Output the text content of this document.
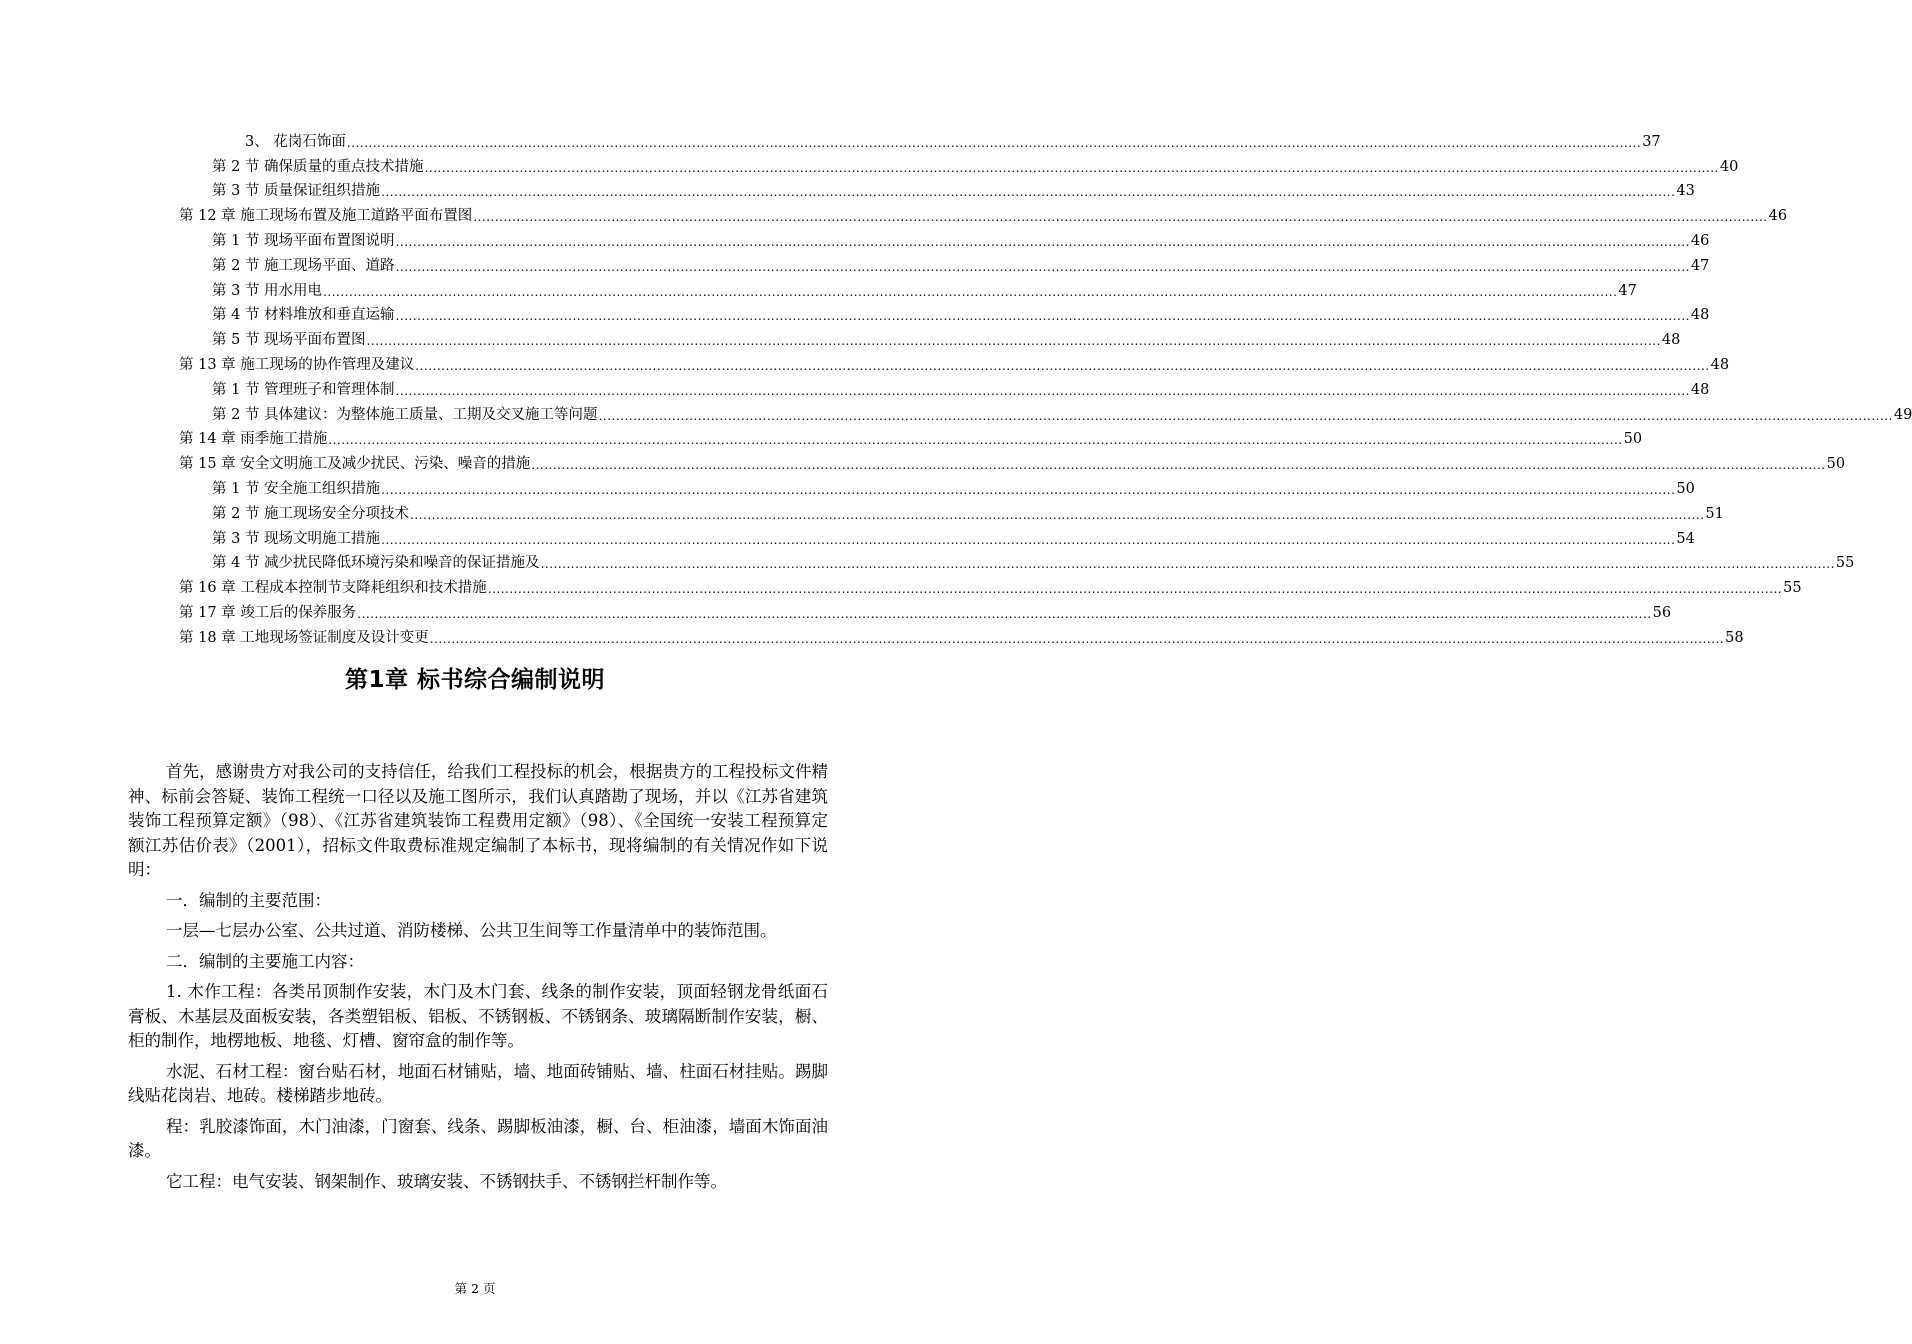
3、 花岗石饰面 ............................................................................................................................................................................................................................................................................................................ 37
第 2 节 确保质量的重点技术措施 ............................................................................................................................................................................................................................................................................................................ 40
第 3 节 质量保证组织措施 ............................................................................................................................................................................................................................................................................................................ 43
第 12 章 施工现场布置及施工道路平面布置图 ............................................................................................................................................................................................................................................................................................................ 46
第 1 节 现场平面布置图说明 ............................................................................................................................................................................................................................................................................................................ 46
第 2 节 施工现场平面、道路 ............................................................................................................................................................................................................................................................................................................ 47
第 3 节 用水用电 ............................................................................................................................................................................................................................................................................................................ 47
第 4 节 材料堆放和垂直运输 ............................................................................................................................................................................................................................................................................................................ 48
第 5 节 现场平面布置图 ............................................................................................................................................................................................................................................................................................................ 48
第 13 章 施工现场的协作管理及建议 ............................................................................................................................................................................................................................................................................................................ 48
第 1 节 管理班子和管理体制 ............................................................................................................................................................................................................................................................................................................ 48
第 2 节 具体建议：为整体施工质量、工期及交叉施工等问题 ............................................................................................................................................................................................................................................................................................................ 49
第 14 章 雨季施工措施 ............................................................................................................................................................................................................................................................................................................ 50
第 15 章 安全文明施工及减少扰民、污染、噪音的措施 ............................................................................................................................................................................................................................................................................................................ 50
第 1 节 安全施工组织措施 ............................................................................................................................................................................................................................................................................................................ 50
第 2 节 施工现场安全分项技术 ............................................................................................................................................................................................................................................................................................................ 51
第 3 节 现场文明施工措施 ............................................................................................................................................................................................................................................................................................................ 54
第 4 节 减少扰民降低环境污染和噪音的保证措施及 ............................................................................................................................................................................................................................................................................................................ 55
第 16 章 工程成本控制节支降耗组织和技术措施 ............................................................................................................................................................................................................................................................................................................ 55
第 17 章 竣工后的保养服务 ............................................................................................................................................................................................................................................................................................................ 56
第 18 章 工地现场签证制度及设计变更 ............................................................................................................................................................................................................................................................................................................ 58
第1章 标书综合编制说明

首先，感谢贵方对我公司的支持信任，给我们工程投标的机会，根据贵方的工程投标文件精神、标前会答疑、装饰工程统一口径以及施工图所示，我们认真踏勘了现场，并以《江苏省建筑装饰工程预算定额》（98）、《江苏省建筑装饰工程费用定额》（98）、《全国统一安装工程预算定额江苏估价表》（2001），招标文件取费标准规定编制了本标书，现将编制的有关情况作如下说明：

一．编制的主要范围：

一层—七层办公室、公共过道、消防楼梯、公共卫生间等工作量清单中的装饰范围。

二．编制的主要施工内容：

1. 木作工程：各类吊顶制作安装，木门及木门套、线条的制作安装，顶面轻钢龙骨纸面石膏板、木基层及面板安装，各类塑铝板、铝板、不锈钢板、不锈钢条、玻璃隔断制作安装，橱、柜的制作，地楞地板、地毯、灯槽、窗帘盒的制作等。

水泥、石材工程：窗台贴石材，地面石材铺贴，墙、地面砖铺贴、墙、柱面石材挂贴。踢脚线贴花岗岩、地砖。楼梯踏步地砖。

程：乳胶漆饰面，木门油漆，门窗套、线条、踢脚板油漆，橱、台、柜油漆，墙面木饰面油漆。

它工程：电气安装、钢架制作、玻璃安装、不锈钢扶手、不锈钢拦杆制作等。

第 2 页
